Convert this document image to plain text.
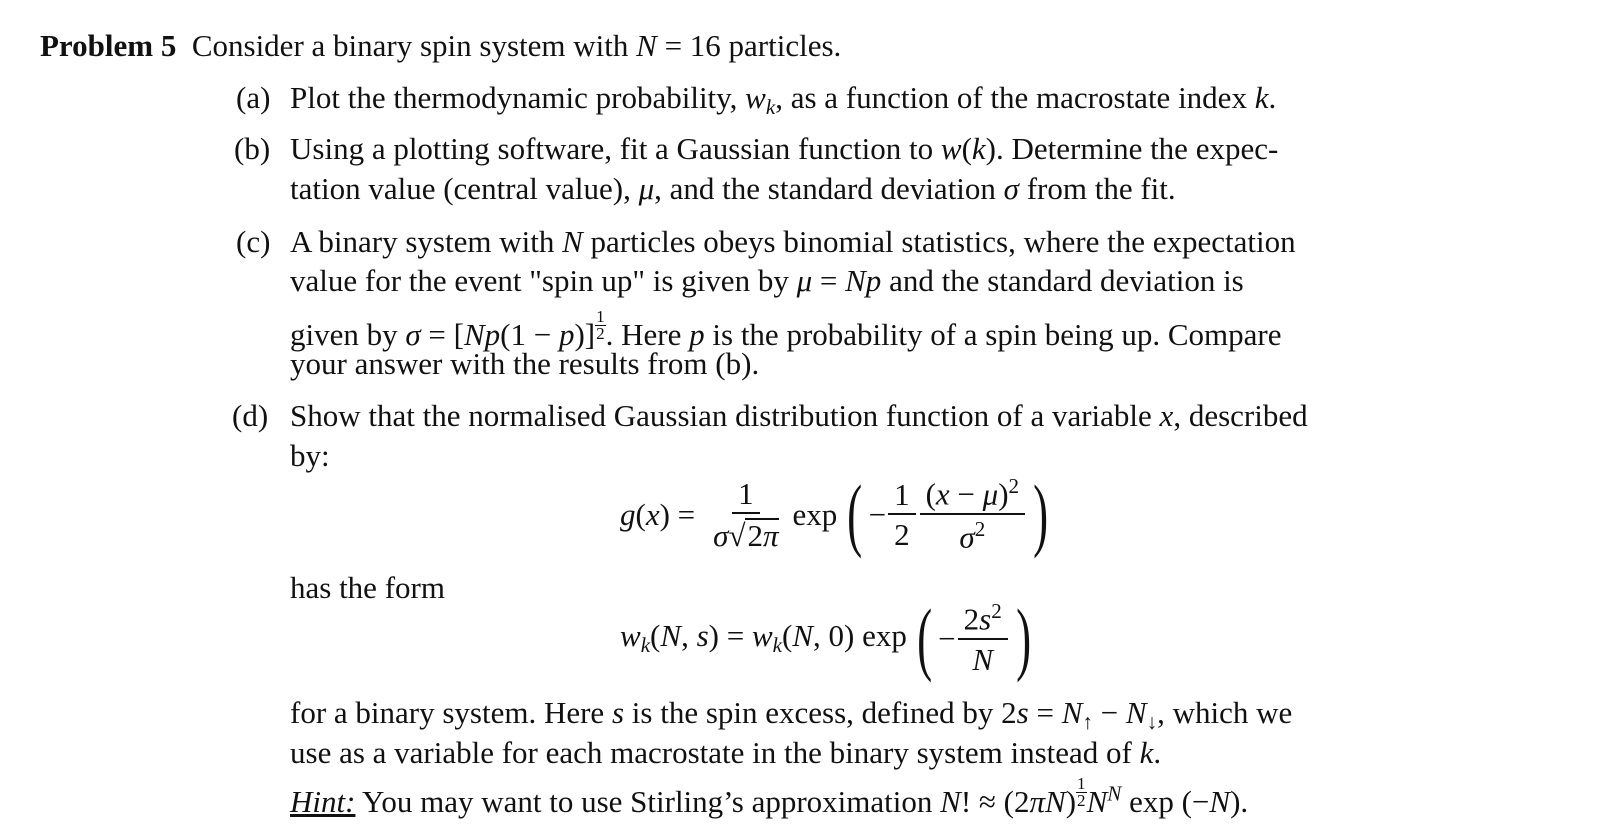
Problem 5  Consider a binary spin system with N = 16 particles.
(a) Plot the thermodynamic probability, $w_k$, as a function of the macrostate index k.
(b) Using a plotting software, fit a Gaussian function to w(k). Determine the expec-
tation value (central value), μ, and the standard deviation σ from the fit.
(c) A binary system with N particles obeys binomial statistics, where the expectation
value for the event "spin up" is given by μ = Np and the standard deviation is
given by $\sigma = [Np(1 - p)] \frac{1}{2}$ . Here p is the probability of a spin being up. Compare
your answer with the results from (b).
(d) Show that the normalised Gaussian distribution function of a variable x, described
by:
$g(x) = \frac{1}{\sigma√2\pi}$ exp ( − $\frac{1}{2} \frac{(x - \mu)^2}{\sigma^2}$ )
has the form
$w_k(N$, $s) = w_k(N$, 0) exp ( − $\frac{2s^2}{N}$ )
for a binary system. Here s is the spin excess, defined by $2s = N_↑ - N_↓$, which we
use as a variable for each macrostate in the binary system instead of k.
Hint: You may want to use Stirling’s approximation N! ≈ $(2\pi N) \frac{1}{2} N^N$ exp (−N).
